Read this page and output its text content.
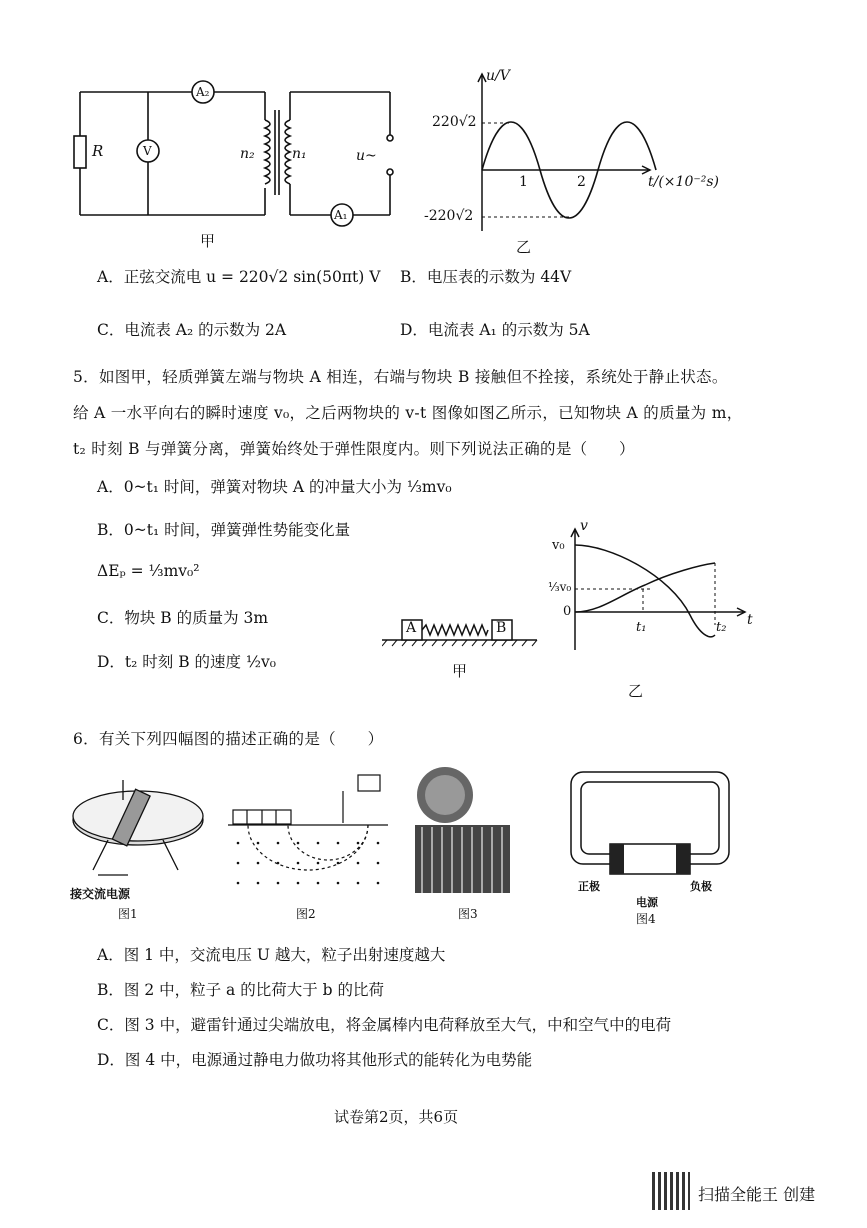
R	V
A₂
A₁
n₂	n₁	u~
甲
u/V
220√2
-220√2
1	2	t/(×10⁻²s)
乙
A．正弦交流电 u = 220√2 sin(50πt) V B．电压表的示数为 44V
C．电流表 A₂ 的示数为 2A	D．电流表 A₁ 的示数为 5A
5．如图甲，轻质弹簧左端与物块 A 相连，右端与物块 B 接触但不拴接，系统处于静止状态。
给 A 一水平向右的瞬时速度 v₀，之后两物块的 v-t 图像如图乙所示，已知物块 A 的质量为 m，
t₂ 时刻 B 与弹簧分离，弹簧始终处于弹性限度内。则下列说法正确的是（　　）
A．0~t₁ 时间，弹簧对物块 A 的冲量大小为 ⅓mv₀
B．0~t₁ 时间，弹簧弹性势能变化量
ΔEₚ = ⅓mv₀²
C．物块 B 的质量为 3m
D．t₂ 时刻 B 的速度 ½v₀
A	B
甲
v
v₀
⅓v₀
0
t₁	t₂ t
乙
6．有关下列四幅图的描述正确的是（　　）
接交流电源
图1	图2	图3
正极	负极
电源
图4
A．图 1 中，交流电压 U 越大，粒子出射速度越大
B．图 2 中，粒子 a 的比荷大于 b 的比荷
C．图 3 中，避雷针通过尖端放电，将金属棒内电荷释放至大气，中和空气中的电荷
D．图 4 中，电源通过静电力做功将其他形式的能转化为电势能
试卷第2页，共6页
扫描全能王 创建
